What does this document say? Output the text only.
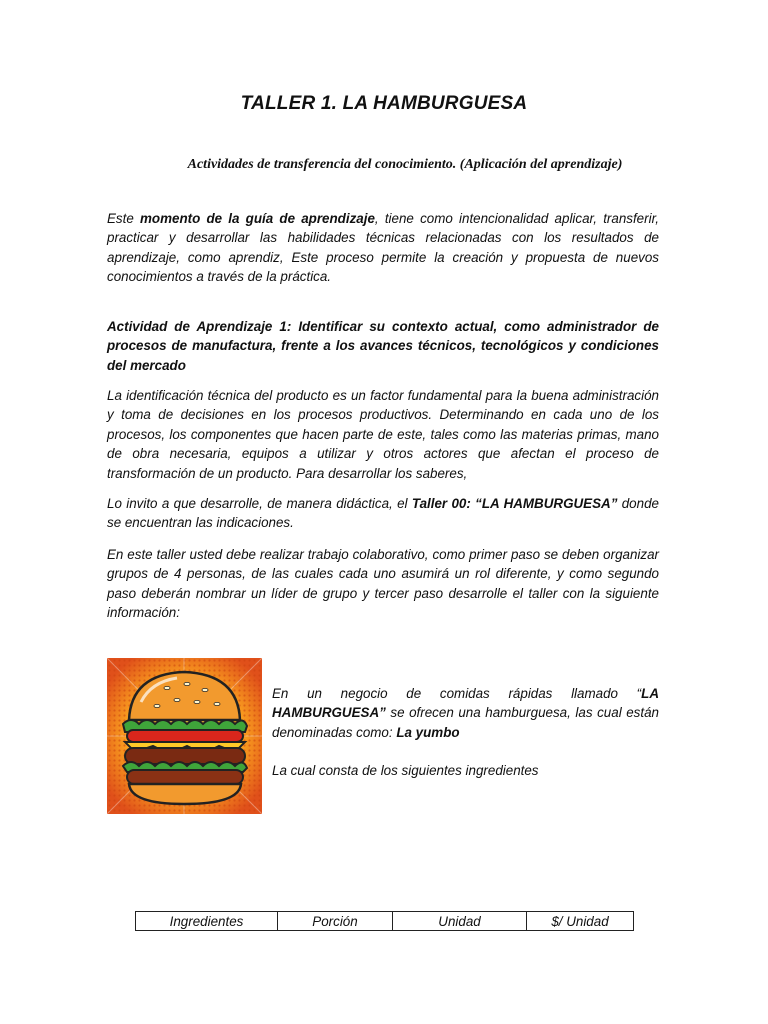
TALLER 1. LA HAMBURGUESA
Actividades de transferencia del conocimiento. (Aplicación del aprendizaje)
Este momento de la guía de aprendizaje, tiene como intencionalidad aplicar, transferir, practicar y desarrollar las habilidades técnicas relacionadas con los resultados de aprendizaje, como aprendiz, Este proceso permite la creación y propuesta de nuevos conocimientos a través de la práctica.
Actividad de Aprendizaje 1: Identificar su contexto actual, como administrador de procesos de manufactura, frente a los avances técnicos, tecnológicos y condiciones del mercado
La identificación técnica del producto es un factor fundamental para la buena administración y toma de decisiones en los procesos productivos. Determinando en cada uno de los procesos, los componentes que hacen parte de este, tales como las materias primas, mano de obra necesaria, equipos a utilizar y otros actores que afectan el proceso de transformación de un producto. Para desarrollar los saberes,
Lo invito a que desarrolle, de manera didáctica, el Taller 00: “LA HAMBURGUESA” donde se encuentran las indicaciones.
En este taller usted debe realizar trabajo colaborativo, como primer paso se deben organizar grupos de 4 personas, de las cuales cada uno asumirá un rol diferente, y como segundo paso deberán nombrar un líder de grupo y tercer paso desarrolle el taller con la siguiente información:
En un negocio de comidas rápidas llamado “LA HAMBURGUESA” se ofrecen una hamburguesa, las cual están denominadas como: La yumbo
La cual consta de los siguientes ingredientes
Ingredientes	Porción	Unidad	$/ Unidad
